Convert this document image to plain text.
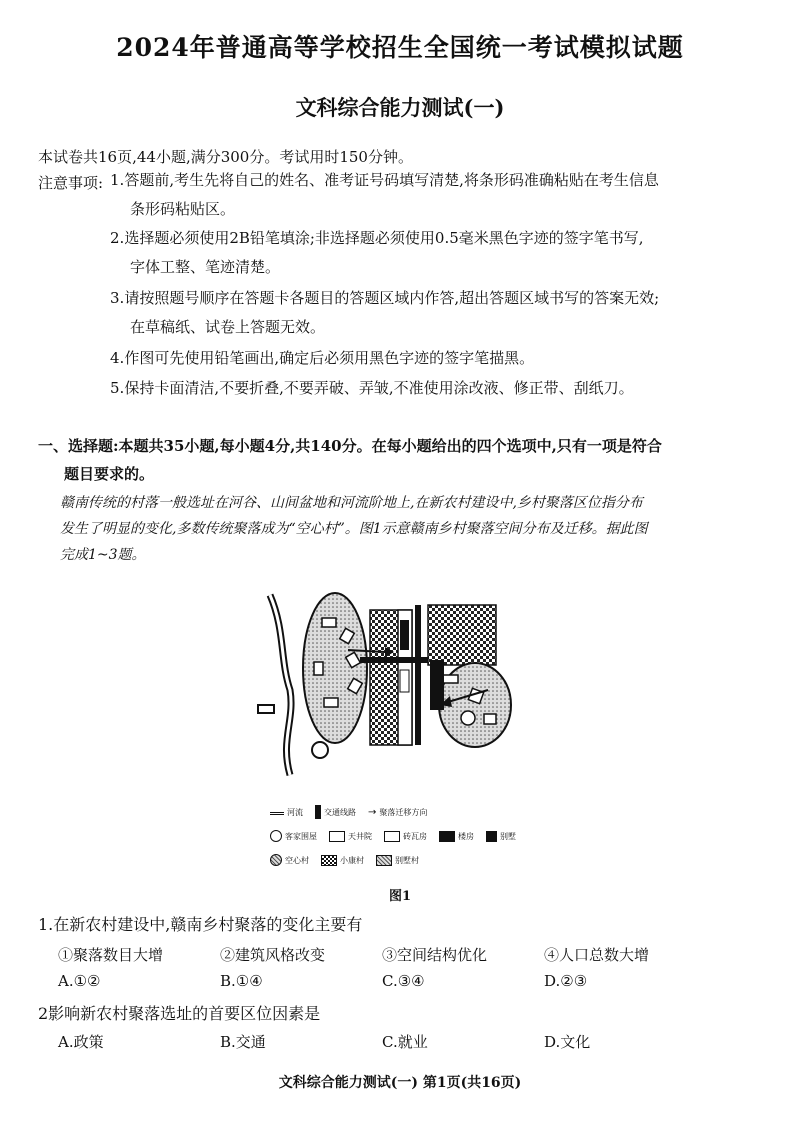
2024年普通高等学校招生全国统一考试模拟试题
文科综合能力测试(一)
本试卷共16页,44小题,满分300分。考试用时150分钟。
注意事项: 1.答题前,考生先将自己的姓名、准考证号码填写清楚,将条形码准确粘贴在考生信息
条形码粘贴区。
2.选择题必须使用2B铅笔填涂;非选择题必须使用0.5毫米黑色字迹的签字笔书写,
字体工整、笔迹清楚。
3.请按照题号顺序在答题卡各题目的答题区域内作答,超出答题区域书写的答案无效;
在草稿纸、试卷上答题无效。
4.作图可先使用铅笔画出,确定后必须用黑色字迹的签字笔描黑。
5.保持卡面清洁,不要折叠,不要弄破、弄皱,不准使用涂改液、修正带、刮纸刀。
一、选择题:本题共35小题,每小题4分,共140分。在每小题给出的四个选项中,只有一项是符合
题目要求的。
赣南传统的村落一般选址在河谷、山间盆地和河流阶地上,在新农村建设中,乡村聚落区位指分布
发生了明显的变化,多数传统聚落成为“空心村”。图1示意赣南乡村聚落空间分布及迁移。据此图
完成1~3题。
河流	交通线路 → 聚落迁移方向
客家围屋	天井院	砖瓦房	楼房	别墅
空心村	小康村	别墅村
图1
1.在新农村建设中,赣南乡村聚落的变化主要有
①聚落数目大增	②建筑风格改变	③空间结构优化	④人口总数大增
A.①②	B.①④	C.③④	D.②③
2影响新农村聚落选址的首要区位因素是
A.政策	B.交通	C.就业	D.文化
文科综合能力测试(一) 第1页(共16页)
